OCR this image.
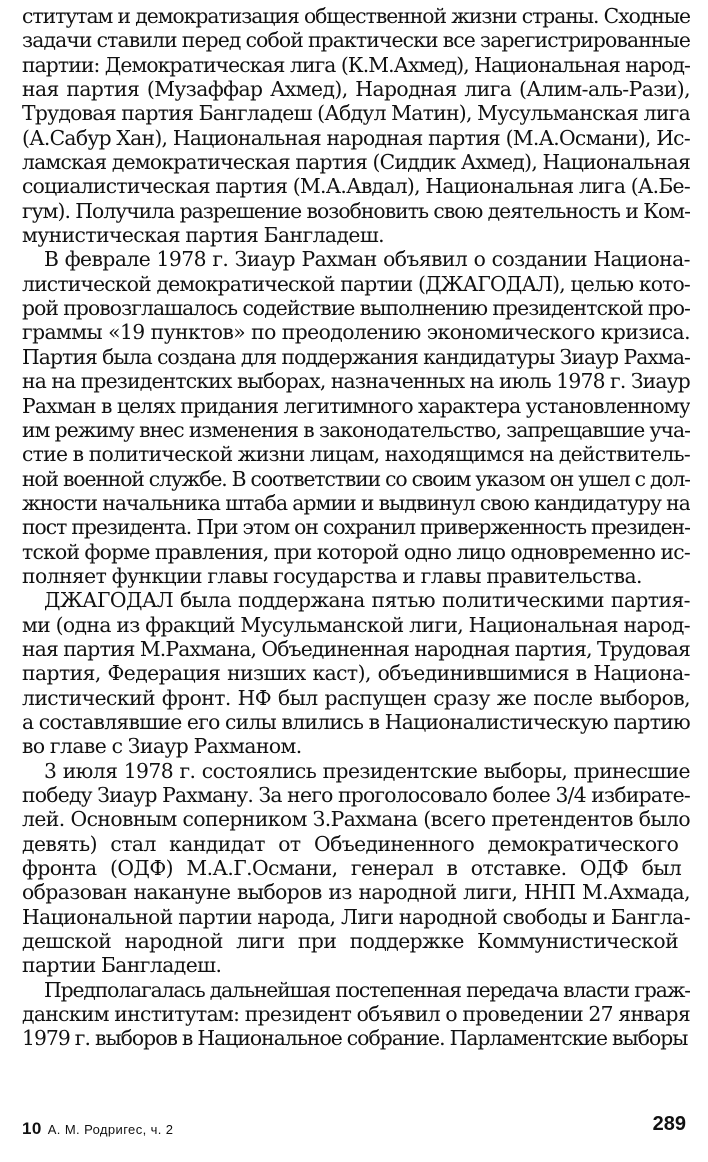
ститутам и демократизация общественной жизни страны. Сходные
задачи ставили перед собой практически все зарегистрированные
партии: Демократическая лига (К.М.Ахмед), Национальная народ-
ная партия (Музаффар Ахмед), Народная лига (Алим-аль-Рази),
Трудовая партия Бангладеш (Абдул Матин), Мусульманская лига
(А.Сабур Хан), Национальная народная партия (М.А.Османи), Ис-
ламская демократическая партия (Сиддик Ахмед), Национальная
социалистическая партия (М.А.Авдал), Национальная лига (А.Бе-
гум). Получила разрешение возобновить свою деятельность и Ком-
мунистическая партия Бангладеш.
В феврале 1978 г. Зиаур Рахман объявил о создании Национа-
листической демократической партии (ДЖАГОДАЛ), целью кото-
рой провозглашалось содействие выполнению президентской про-
граммы «19 пунктов» по преодолению экономического кризиса.
Партия была создана для поддержания кандидатуры Зиаур Рахма-
на на президентских выборах, назначенных на июль 1978 г. Зиаур
Рахман в целях придания легитимного характера установленному
им режиму внес изменения в законодательство, запрещавшие уча-
стие в политической жизни лицам, находящимся на действитель-
ной военной службе. В соответствии со своим указом он ушел с дол-
жности начальника штаба армии и выдвинул свою кандидатуру на
пост президента. При этом он сохранил приверженность президен-
тской форме правления, при которой одно лицо одновременно ис-
полняет функции главы государства и главы правительства.
ДЖАГОДАЛ была поддержана пятью политическими партия-
ми (одна из фракций Мусульманской лиги, Национальная народ-
ная партия М.Рахмана, Объединенная народная партия, Трудовая
партия, Федерация низших каст), объединившимися в Национа-
листический фронт. НФ был распущен сразу же после выборов,
а составлявшие его силы влились в Националистическую партию
во главе с Зиаур Рахманом.
3 июля 1978 г. состоялись президентские выборы, принесшие
победу Зиаур Рахману. За него проголосовало более 3/4 избирате-
лей. Основным соперником З.Рахмана (всего претендентов было
девять) стал кандидат от Объединенного демократического
фронта (ОДФ) М.А.Г.Османи, генерал в отставке. ОДФ был
образован накануне выборов из народной лиги, ННП М.Ахмада,
Национальной партии народа, Лиги народной свободы и Бангла-
дешской народной лиги при поддержке Коммунистической
партии Бангладеш.
Предполагалась дальнейшая постепенная передача власти граж-
данским институтам: президент объявил о проведении 27 января
1979 г. выборов в Национальное собрание. Парламентские выборы
10 А. М. Родригес, ч. 2	289
